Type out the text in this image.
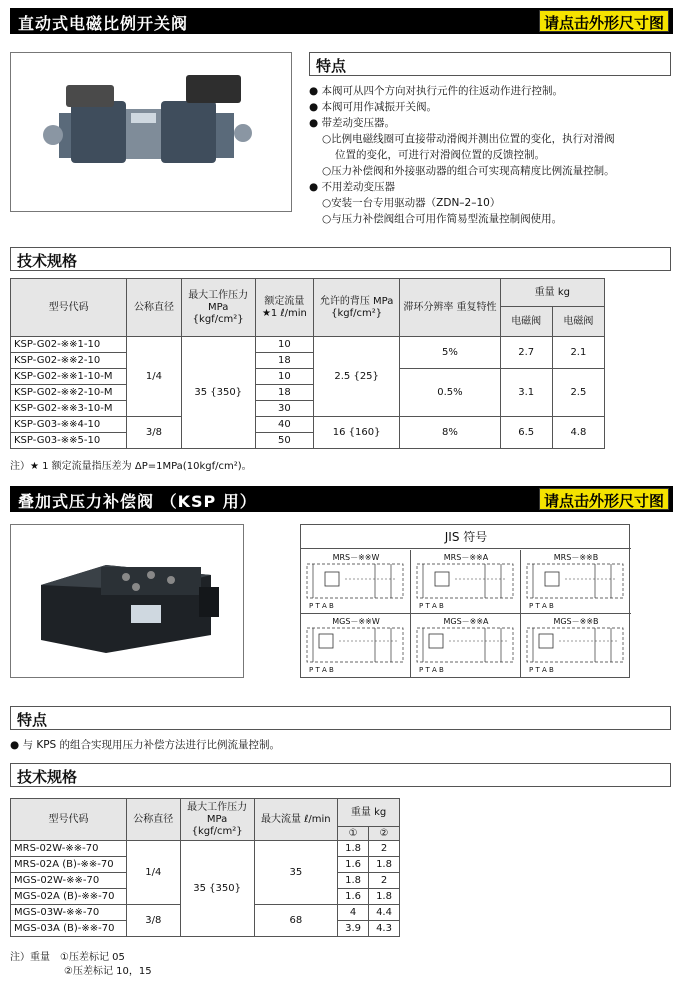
直动式电磁比例开关阀	请点击外形尺寸图
特点
● 本阀可从四个方向对执行元件的往返动作进行控制。
● 本阀可用作减振开关阀。
● 带差动变压器。
○比例电磁线圈可直接带动滑阀并测出位置的变化，执行对滑阀
位置的变化，可进行对滑阀位置的反馈控制。
○压力补偿阀和外接驱动器的组合可实现高精度比例流量控制。
● 不用差动变压器
○安装一台专用驱动器（ZDN–2–10）
○与压力补偿阀组合可用作简易型流量控制阀使用。
技术规格
型号代码	公称直径	最大工作压力 MPa {kgf/cm²}	额定流量 ★1 ℓ/min	允许的背压 MPa {kgf/cm²}	滞环分辨率 重复特性	重量 kg	
						电磁阀	电磁阀
KSP-G02-※※1-10	1/4	35 {350}	10	2.5 {25}	5%	2.7	2.1
KSP-G02-※※2-10			18				
KSP-G02-※※1-10-M			10		0.5%	3.1	2.5
KSP-G02-※※2-10-M			18				
KSP-G02-※※3-10-M			30				
KSP-G03-※※4-10	3/8		40	16 {160}	8%	6.5	4.8
KSP-G03-※※5-10			50				
注）★ 1 额定流量指压差为 ΔP=1MPa(10kgf/cm²)。
叠加式压力补偿阀 （KSP 用）	请点击外形尺寸图
JIS 符号
MRS－※※W
P T A B
MRS－※※A
P T A B
MRS－※※B
P T A B
MGS－※※W
P T A B
MGS－※※A
P T A B
MGS－※※B
P T A B
特点
● 与 KPS 的组合实现用压力补偿方法进行比例流量控制。
技术规格
型号代码	公称直径	最大工作压力 MPa {kgf/cm²}	最大流量 ℓ/min	重量 kg	
				①	②
MRS-02W-※※-70	1/4	35 {350}	35	1.8	2
MRS-02A (B)-※※-70				1.6	1.8
MGS-02W-※※-70				1.8	2
MGS-02A (B)-※※-70				1.6	1.8
MGS-03W-※※-70	3/8		68	4	4.4
MGS-03A (B)-※※-70				3.9	4.3
注）重量　①压差标记 05
②压差标记 10，15
